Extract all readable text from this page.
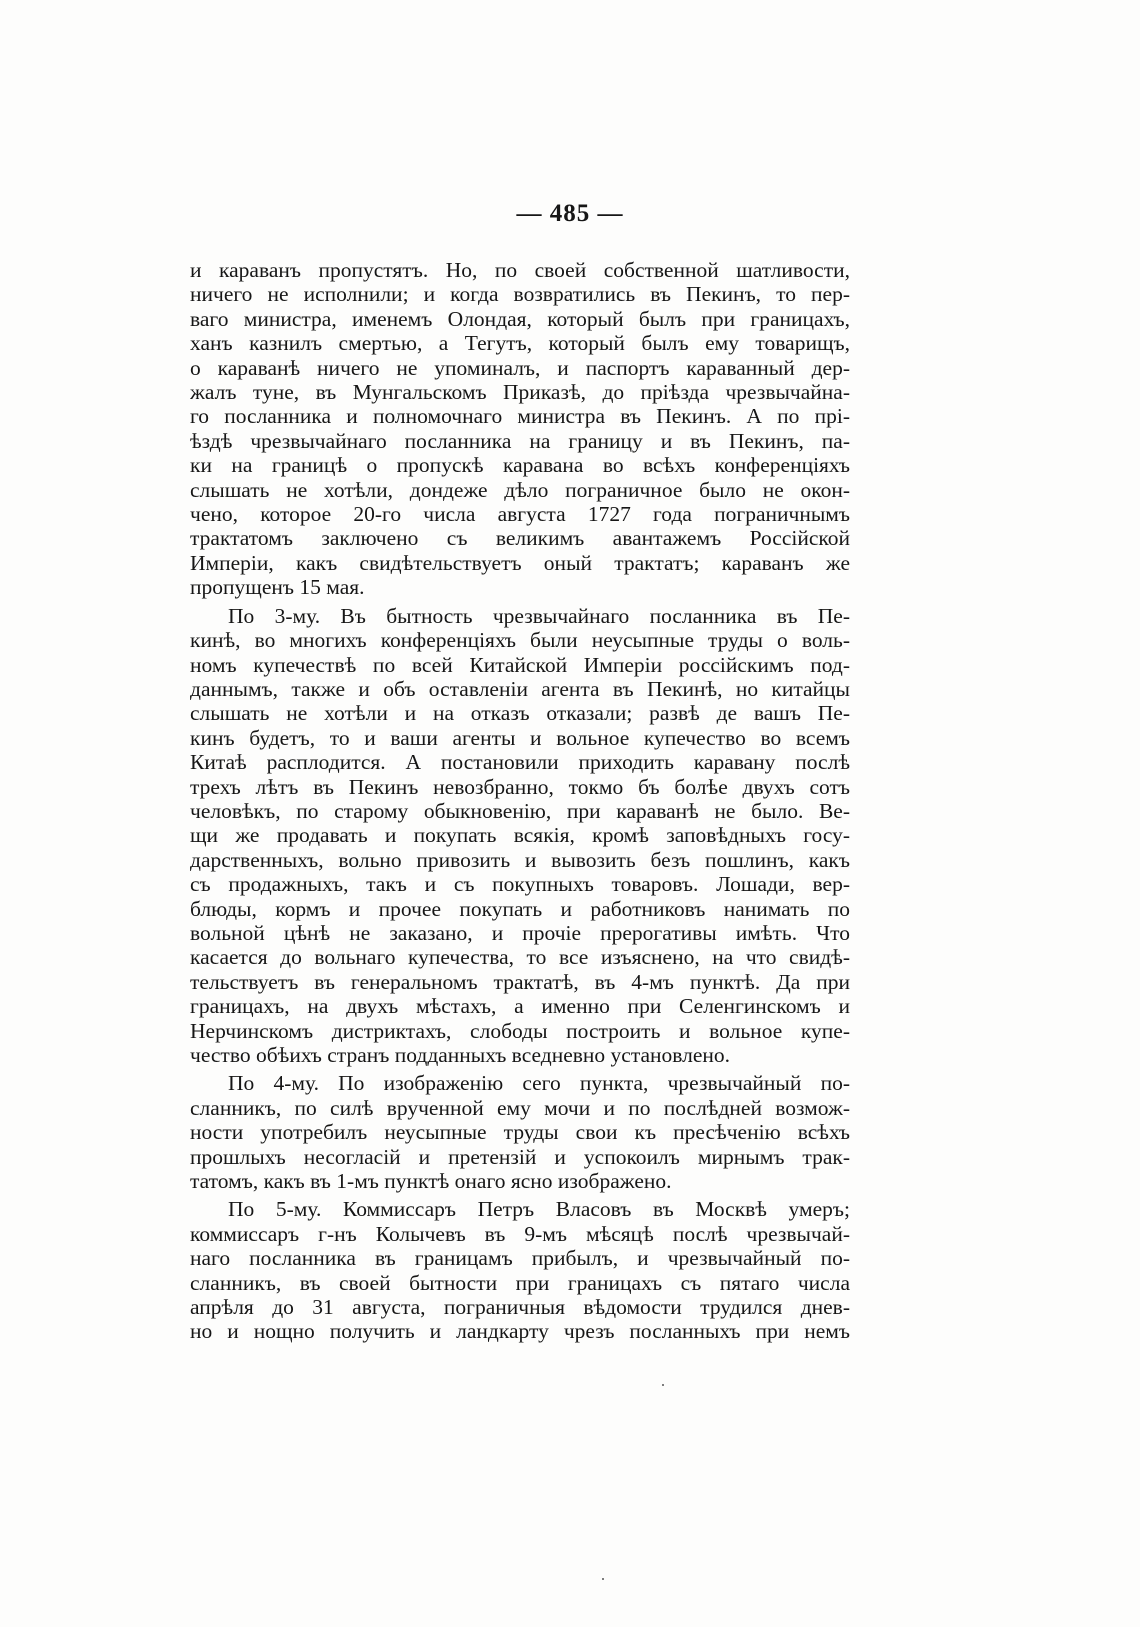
— 485 —
и караванъ пропустятъ. Но, по своей собственной шатливости,
ничего не исполнили; и когда возвратились въ Пекинъ, то пер-
ваго министра, именемъ Олондая, который былъ при границахъ,
ханъ казнилъ смертью, а Тегутъ, который былъ ему товарищъ,
о караванѣ ничего не упоминалъ, и паспортъ караванный дер-
жалъ туне, въ Мунгальскомъ Приказѣ, до прiѣзда чрезвычайна-
го посланника и полномочнаго министра въ Пекинъ. А по прi-
ѣздѣ чрезвычайнаго посланника на границу и въ Пекинъ, па-
ки на границѣ о пропускѣ каравана во всѣхъ конференцiяхъ
слышать не хотѣли, дондеже дѣло пограничное было не окон-
чено, которое 20-го числа августа 1727 года пограничнымъ
трактатомъ заключено съ великимъ авантажемъ Россiйской
Имперiи, какъ свидѣтельствуетъ оный трактатъ; караванъ же
пропущенъ 15 мая.
По 3-му. Въ бытность чрезвычайнаго посланника въ Пе-
кинѣ, во многихъ конференцiяхъ были неусыпные труды о воль-
номъ купечествѣ по всей Китайской Имперiи россiйскимъ под-
даннымъ, также и объ оставленiи агента въ Пекинѣ, но китайцы
слышать не хотѣли и на отказъ отказали; развѣ де вашъ Пе-
кинъ будетъ, то и ваши агенты и вольное купечество во всемъ
Китаѣ расплодится. А постановили приходить каравану послѣ
трехъ лѣтъ въ Пекинъ невозбранно, токмо бъ болѣе двухъ сотъ
человѣкъ, по старому обыкновенiю, при караванѣ не было. Ве-
щи же продавать и покупать всякiя, кромѣ заповѣдныхъ госу-
дарственныхъ, вольно привозить и вывозить безъ пошлинъ, какъ
съ продажныхъ, такъ и съ покупныхъ товаровъ. Лошади, вер-
блюды, кормъ и прочее покупать и работниковъ нанимать по
вольной цѣнѣ не заказано, и прочiе прерогативы имѣть. Что
касается до вольнаго купечества, то все изъяснено, на что свидѣ-
тельствуетъ въ генеральномъ трактатѣ, въ 4-мъ пунктѣ. Да при
границахъ, на двухъ мѣстахъ, а именно при Селенгинскомъ и
Нерчинскомъ дистриктахъ, слободы построить и вольное купе-
чество обѣихъ странъ подданныхъ вседневно установлено.
По 4-му. По изображенiю сего пункта, чрезвычайный по-
сланникъ, по силѣ врученной ему мочи и по послѣдней возмож-
ности употребилъ неусыпные труды свои къ пресѣченiю всѣхъ
прошлыхъ несогласiй и претензiй и успокоилъ мирнымъ трак-
татомъ, какъ въ 1-мъ пунктѣ онаго ясно изображено.
По 5-му. Коммиссаръ Петръ Власовъ въ Москвѣ умеръ;
коммиссаръ г-нъ Колычевъ въ 9-мъ мѣсяцѣ послѣ чрезвычай-
наго посланника въ границамъ прибылъ, и чрезвычайный по-
сланникъ, въ своей бытности при границахъ съ пятаго числа
апрѣля до 31 августа, пограничныя вѣдомости трудился днев-
но и нощно получить и ландкарту чрезъ посланныхъ при немъ
